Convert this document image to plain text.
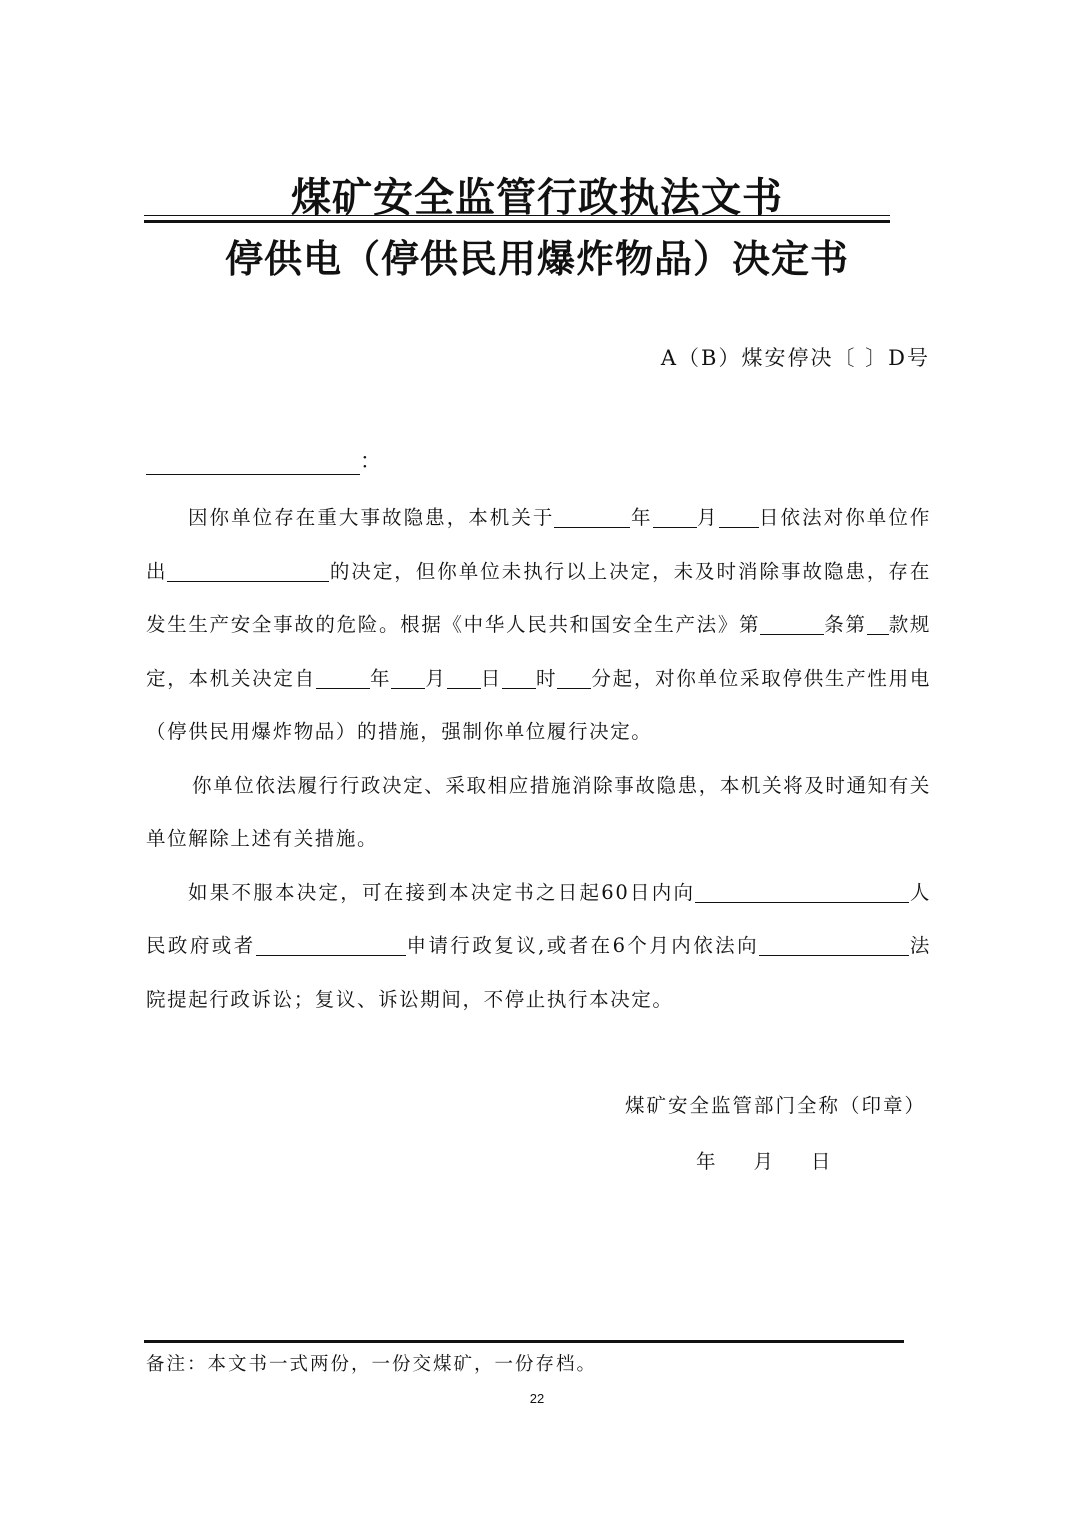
煤矿安全监管行政执法文书
停供电（停供民用爆炸物品）决定书
A（B）煤安停决〔 〕D号
：

因你单位存在重大事故隐患，本机关于	年 月 日依法对你单位作出	的决定，但你单位未执行以上决定，未及时消除事故隐患，存在发生生产安全事故的危险。根据《中华人民共和国安全生产法》第	条第 款规定，本机关决定自	年 月 日 时 分起，对你单位采取停供生产性用电（停供民用爆炸物品）的措施，强制你单位履行决定。

你单位依法履行行政决定、采取相应措施消除事故隐患，本机关将及时通知有关单位解除上述有关措施。

如果不服本决定，可在接到本决定书之日起60日内向	人民政府或者	申请行政复议,或者在6个月内依法向	法院提起行政诉讼；复议、诉讼期间，不停止执行本决定。

煤矿安全监管部门全称（印章）
年 月 日
备注：本文书一式两份，一份交煤矿，一份存档。
22
